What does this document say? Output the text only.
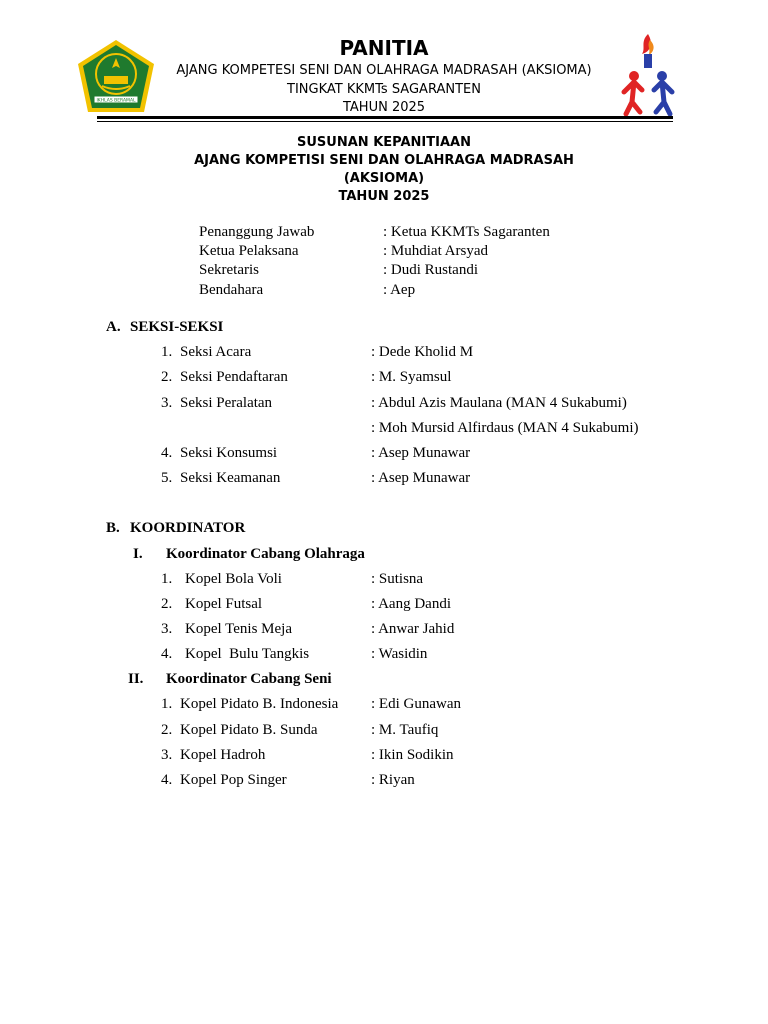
IKHLAS BERAMAL
PANITIA
AJANG KOMPETESI SENI DAN OLAHRAGA MADRASAH (AKSIOMA)
TINGKAT KKMTs SAGARANTEN
TAHUN 2025
SUSUNAN KEPANITIAAN
AJANG KOMPETISI SENI DAN OLAHRAGA MADRASAH
(AKSIOMA)
TAHUN 2025
Penanggung Jawab	: Ketua KKMTs Sagaranten
Ketua Pelaksana	: Muhdiat Arsyad
Sekretaris	: Dudi Rustandi
Bendahara	: Aep
A. SEKSI-SEKSI
1. Seksi Acara	: Dede Kholid M
2. Seksi Pendaftaran	: M. Syamsul
3. Seksi Peralatan	: Abdul Azis Maulana (MAN 4 Sukabumi)
: Moh Mursid Alfirdaus (MAN 4 Sukabumi)
4. Seksi Konsumsi	: Asep Munawar
5. Seksi Keamanan	: Asep Munawar
B. KOORDINATOR
I. Koordinator Cabang Olahraga
1. Kopel Bola Voli	: Sutisna
2. Kopel Futsal	: Aang Dandi
3. Kopel Tenis Meja	: Anwar Jahid
4. Kopel  Bulu Tangkis	: Wasidin
II. Koordinator Cabang Seni
1. Kopel Pidato B. Indonesia : Edi Gunawan
2. Kopel Pidato B. Sunda	: M. Taufiq
3. Kopel Hadroh	: Ikin Sodikin
4. Kopel Pop Singer	: Riyan
